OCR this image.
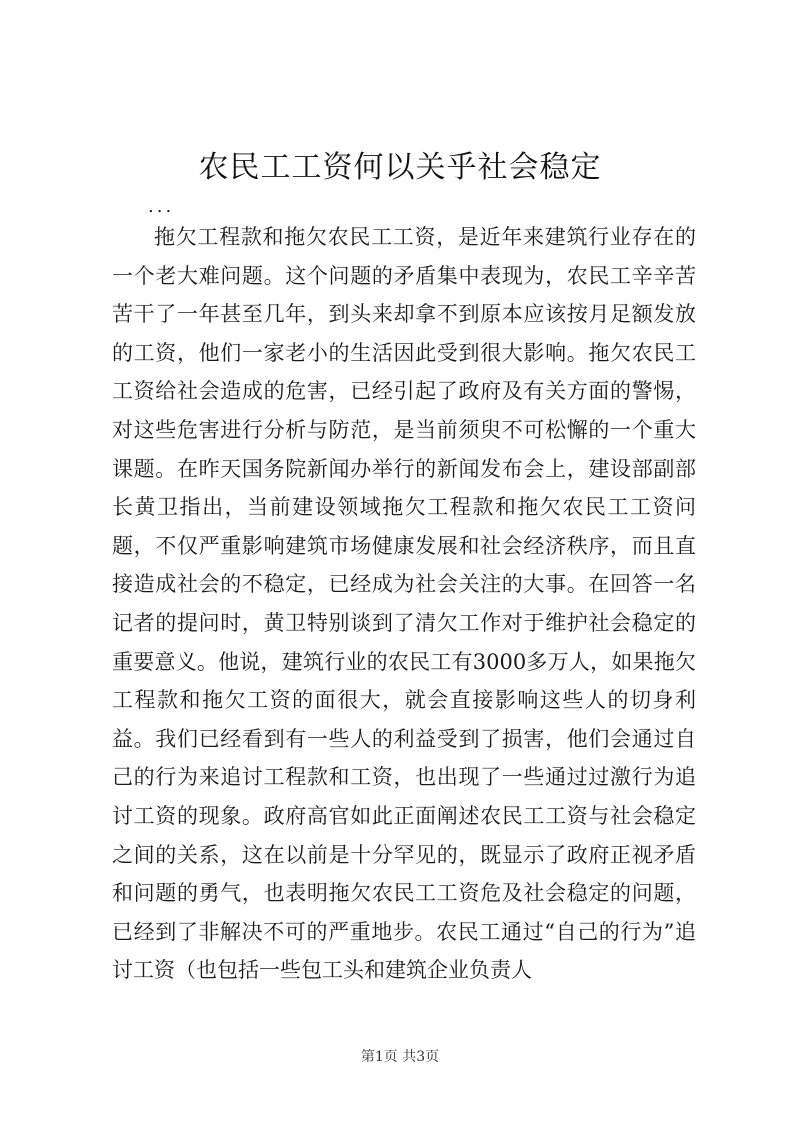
农民工工资何以关乎社会稳定
...

拖欠工程款和拖欠农民工工资，是近年来建筑行业存在的一个老大难问题。这个问题的矛盾集中表现为，农民工辛辛苦苦干了一年甚至几年，到头来却拿不到原本应该按月足额发放的工资，他们一家老小的生活因此受到很大影响。拖欠农民工工资给社会造成的危害，已经引起了政府及有关方面的警惕，对这些危害进行分析与防范，是当前须臾不可松懈的一个重大课题。在昨天国务院新闻办举行的新闻发布会上，建设部副部长黄卫指出，当前建设领域拖欠工程款和拖欠农民工工资问题，不仅严重影响建筑市场健康发展和社会经济秩序，而且直接造成社会的不稳定，已经成为社会关注的大事。在回答一名记者的提问时，黄卫特别谈到了清欠工作对于维护社会稳定的重要意义。他说，建筑行业的农民工有3000多万人，如果拖欠工程款和拖欠工资的面很大，就会直接影响这些人的切身利益。我们已经看到有一些人的利益受到了损害，他们会通过自己的行为来追讨工程款和工资，也出现了一些通过过激行为追讨工资的现象。政府高官如此正面阐述农民工工资与社会稳定之间的关系，这在以前是十分罕见的，既显示了政府正视矛盾和问题的勇气，也表明拖欠农民工工资危及社会稳定的问题，已经到了非解决不可的严重地步。农民工通过“自己的行为”追讨工资（也包括一些包工头和建筑企业负责人

第1页 共3页
